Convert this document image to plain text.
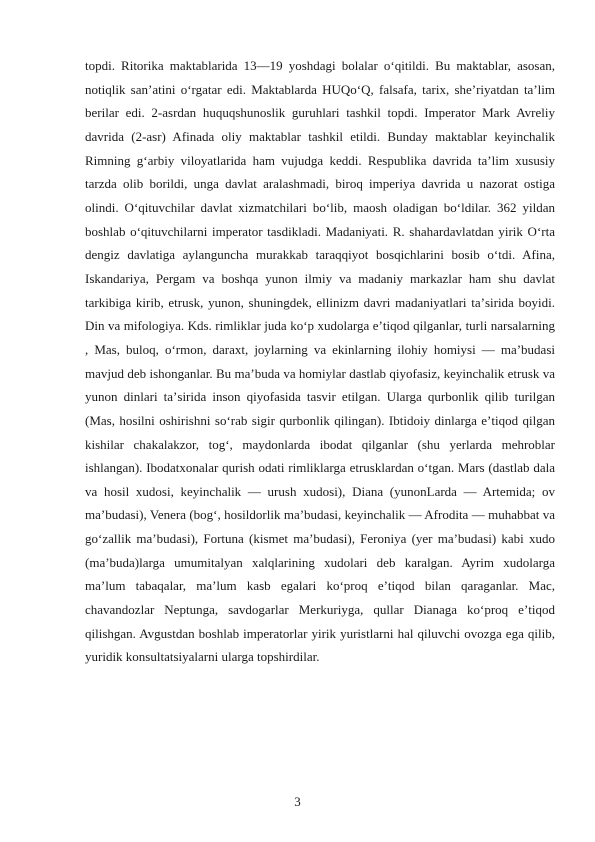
topdi. Ritorika maktablarida 13—19 yoshdagi bolalar oʻqitildi. Bu maktablar, asosan, notiqlik sanʼatini oʻrgatar edi. Maktablarda HUQoʻQ, falsafa, tarix, sheʼriyatdan taʼlim berilar edi. 2-asrdan huquqshunoslik guruhlari tashkil topdi. Imperator Mark Avreliy davrida (2-asr) Afinada oliy maktablar tashkil etildi. Bunday maktablar keyinchalik Rimning gʻarbiy viloyatlarida ham vujudga keddi. Respublika davrida taʼlim xususiy tarzda olib borildi, unga davlat aralashmadi, biroq imperiya davrida u nazorat ostiga olindi. Oʻqituvchilar davlat xizmatchilari boʻlib, maosh oladigan boʻldilar. 362 yildan boshlab oʻqituvchilarni imperator tasdikladi. Madaniyati. R. shahardavlatdan yirik Oʻrta dengiz davlatiga aylanguncha murakkab taraqqiyot bosqichlarini bosib oʻtdi. Afina, Iskandariya, Pergam va boshqa yunon ilmiy va madaniy markazlar ham shu davlat tarkibiga kirib, etrusk, yunon, shuningdek, ellinizm davri madaniyatlari taʼsirida boyidi. Din va mifologiya. Kds. rimliklar juda koʻp xudolarga eʼtiqod qilganlar, turli narsalarning , Mas, buloq, oʻrmon, daraxt, joylarning va ekinlarning ilohiy homiysi — maʼbudasi mavjud deb ishonganlar. Bu maʼbuda va homiylar dastlab qiyofasiz, keyinchalik etrusk va yunon dinlari taʼsirida inson qiyofasida tasvir etilgan. Ularga qurbonlik qilib turilgan (Mas, hosilni oshirishni soʻrab sigir qurbonlik qilingan). Ibtidoiy dinlarga eʼtiqod qilgan kishilar chakalakzor, togʻ, maydonlarda ibodat qilganlar (shu yerlarda mehroblar ishlangan). Ibodatxonalar qurish odati rimliklarga etrusklardan oʻtgan. Mars (dastlab dala va hosil xudosi, keyinchalik — urush xudosi), Diana (yunonLarda — Artemida; ov maʼbudasi), Venera (bogʻ, hosildorlik maʼbudasi, keyinchalik — Afrodita — muhabbat va goʻzallik maʼbudasi), Fortuna (kismet maʼbudasi), Feroniya (yer maʼbudasi) kabi xudo (maʼbuda)larga umumitalyan xalqlarining xudolari deb karalgan. Ayrim xudolarga maʼlum tabaqalar, maʼlum kasb egalari koʻproq eʼtiqod bilan qaraganlar. Mac, chavandozlar Neptunga, savdogarlar Merkuriyga, qullar Dianaga koʻproq eʼtiqod qilishgan. Avgustdan boshlab imperatorlar yirik yuristlarni hal qiluvchi ovozga ega qilib, yuridik konsultatsiyalarni ularga topshirdilar.

3
